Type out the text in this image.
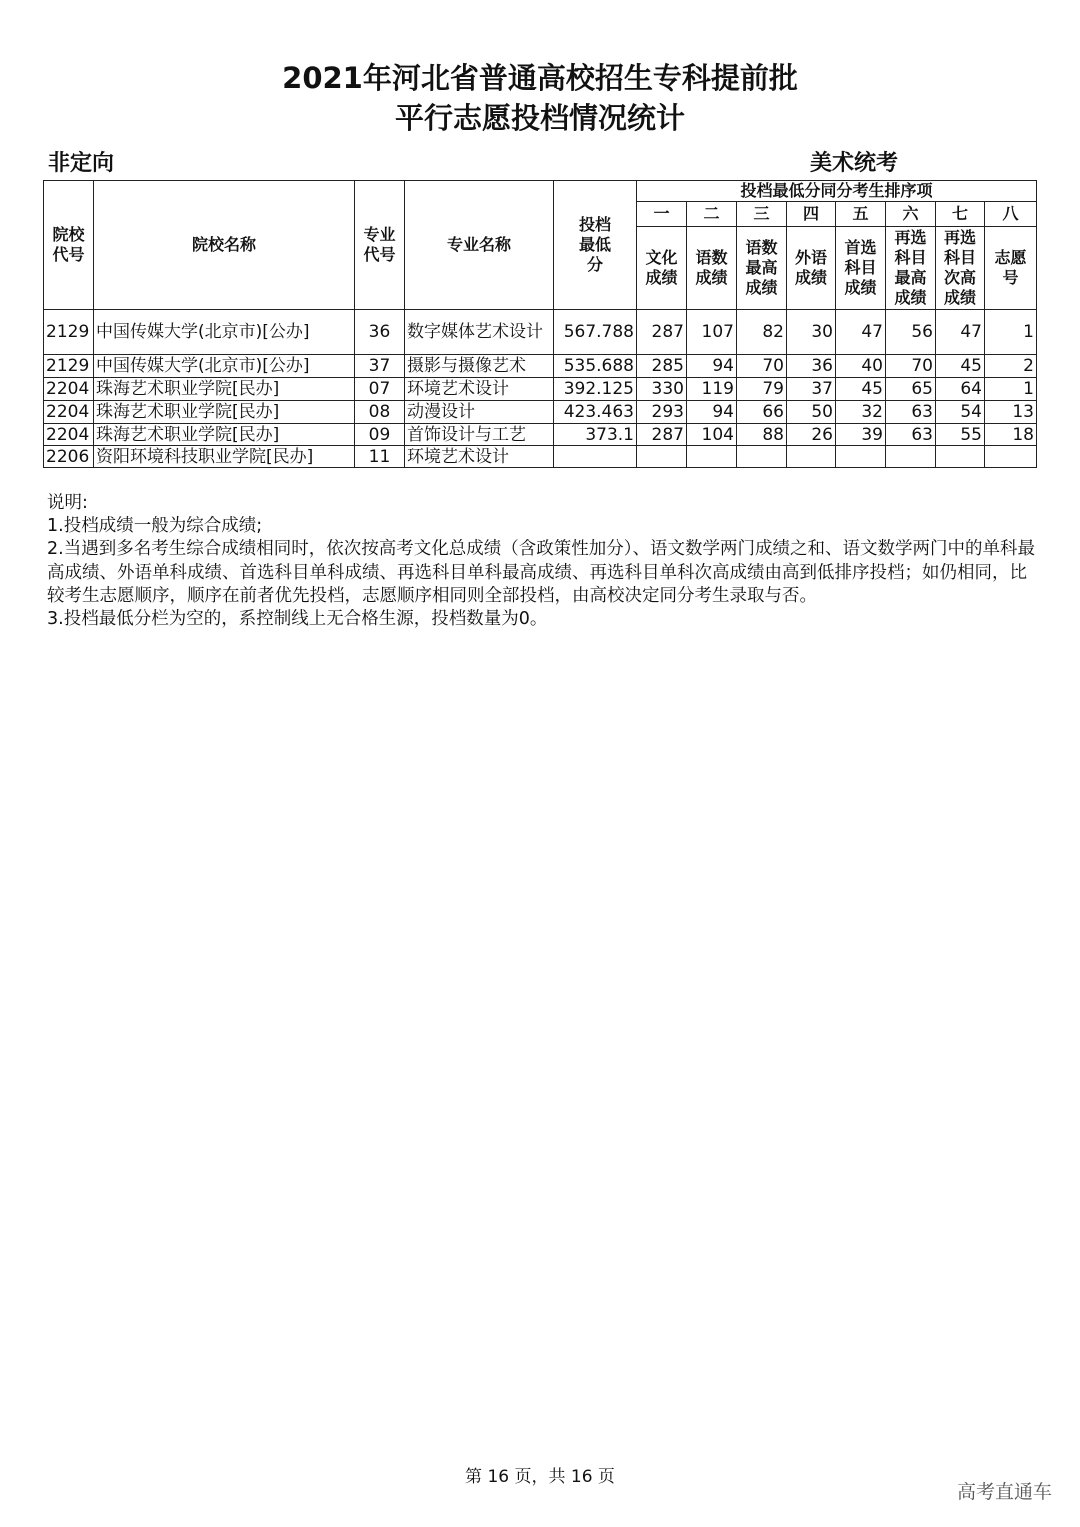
2021年河北省普通高校招生专科提前批
平行志愿投档情况统计
非定向	美术统考
院校代号	院校名称	专业代号	专业名称	投档最低分	投档最低分同分考生排序项							
					一	二	三	四	五	六	七	八
					文化成绩	语数成绩	语数最高成绩	外语成绩	首选科目成绩	再选科目最高成绩	再选科目次高成绩	志愿号
2129	中国传媒大学(北京市)[公办]	36	数字媒体艺术设计	567.788	287	107	82	30	47	56	47	1
2129	中国传媒大学(北京市)[公办]	37	摄影与摄像艺术	535.688	285	94	70	36	40	70	45	2
2204	珠海艺术职业学院[民办]	07	环境艺术设计	392.125	330	119	79	37	45	65	64	1
2204	珠海艺术职业学院[民办]	08	动漫设计	423.463	293	94	66	50	32	63	54	13
2204	珠海艺术职业学院[民办]	09	首饰设计与工艺	373.1	287	104	88	26	39	63	55	18
2206	资阳环境科技职业学院[民办]	11	环境艺术设计									
说明:
1.投档成绩一般为综合成绩;
2.当遇到多名考生综合成绩相同时，依次按高考文化总成绩（含政策性加分）、语文数学两门成绩之和、语文数学两门中的单科最高成绩、外语单科成绩、首选科目单科成绩、再选科目单科最高成绩、再选科目单科次高成绩由高到低排序投档；如仍相同，比较考生志愿顺序，顺序在前者优先投档，志愿顺序相同则全部投档，由高校决定同分考生录取与否。
3.投档最低分栏为空的，系控制线上无合格生源，投档数量为0。
第 16 页，共 16 页
高考直通车
